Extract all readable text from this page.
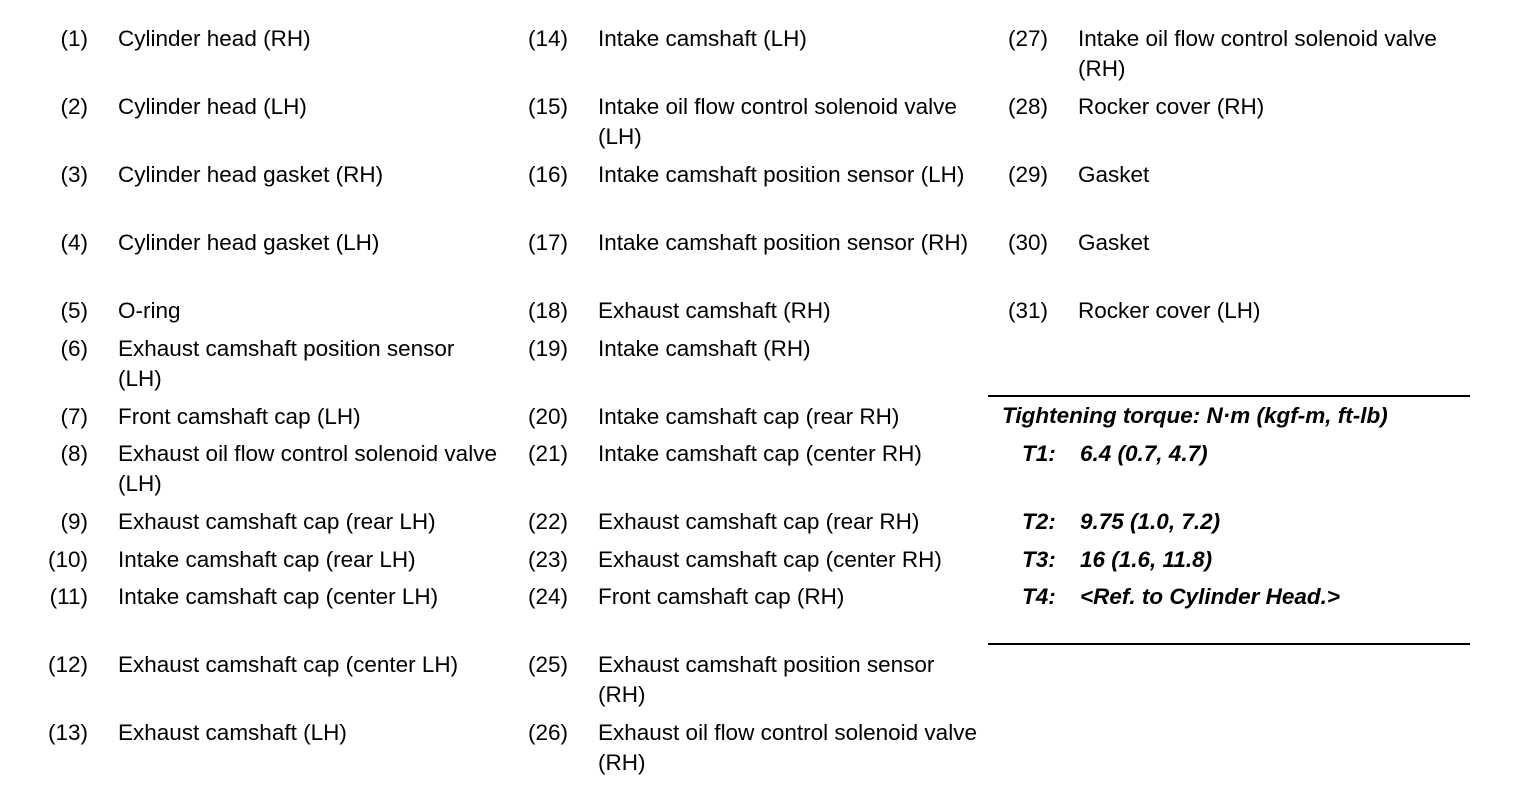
(1) Cylinder head (RH)
(2) Cylinder head (LH)
(3) Cylinder head gasket (RH)
(4) Cylinder head gasket (LH)
(5) O-ring
(6) Exhaust camshaft position sensor (LH)
(7) Front camshaft cap (LH)
(8) Exhaust oil flow control solenoid valve (LH)
(9) Exhaust camshaft cap (rear LH)
(10) Intake camshaft cap (rear LH)
(11) Intake camshaft cap (center LH)
(12) Exhaust camshaft cap (center LH)
(13) Exhaust camshaft (LH)
(14) Intake camshaft (LH)
(15) Intake oil flow control solenoid valve (LH)
(16) Intake camshaft position sensor (LH)
(17) Intake camshaft position sensor (RH)
(18) Exhaust camshaft (RH)
(19) Intake camshaft (RH)
(20) Intake camshaft cap (rear RH)
(21) Intake camshaft cap (center RH)
(22) Exhaust camshaft cap (rear RH)
(23) Exhaust camshaft cap (center RH)
(24) Front camshaft cap (RH)
(25) Exhaust camshaft position sensor (RH)
(26) Exhaust oil flow control solenoid valve (RH)
(27) Intake oil flow control solenoid valve (RH)
(28) Rocker cover (RH)
(29) Gasket
(30) Gasket
(31) Rocker cover (LH)
Tightening torque: N·m (kgf-m, ft-lb)
T1: 6.4 (0.7, 4.7)
T2: 9.75 (1.0, 7.2)
T3: 16 (1.6, 11.8)
T4: <Ref. to Cylinder Head.>
